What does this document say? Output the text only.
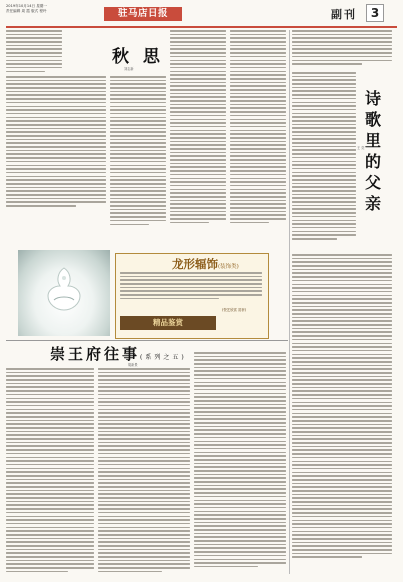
2019年10月14日 星期一
责任编辑 周 霞 版式 程玲	驻马店日报	副刊	3
秋 思
刘志新
诗歌里的父亲
王 奕
龙形辐饰(装饰类)
精品鉴赏
(瓷艺欣赏 赏析)
崇王府往事(系列之五)
胡新景
